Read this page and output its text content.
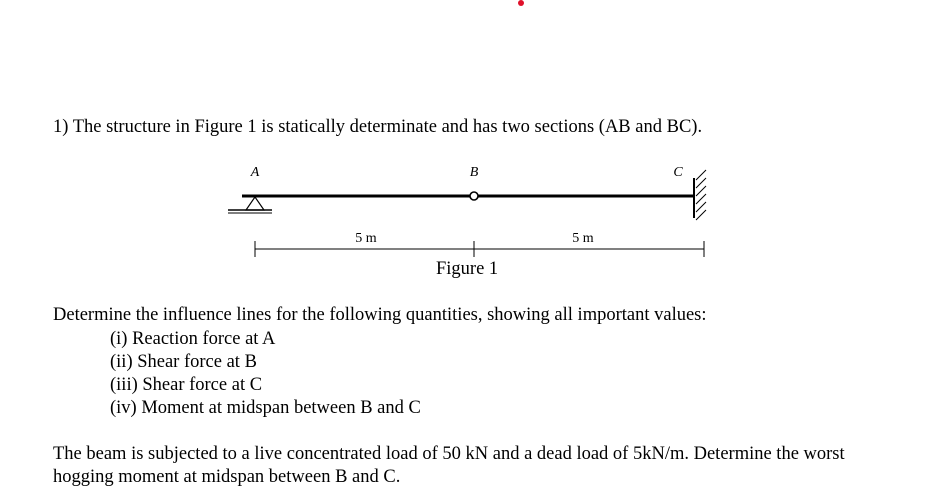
1) The structure in Figure 1 is statically determinate and has two sections (AB and BC).
A	B	C
5 m	5 m
Figure 1
Determine the influence lines for the following quantities, showing all important values:
(i) Reaction force at A
(ii) Shear force at B
(iii) Shear force at C
(iv) Moment at midspan between B and C
The beam is subjected to a live concentrated load of 50 kN and a dead load of 5kN/m. Determine the worst hogging moment at midspan between B and C.
